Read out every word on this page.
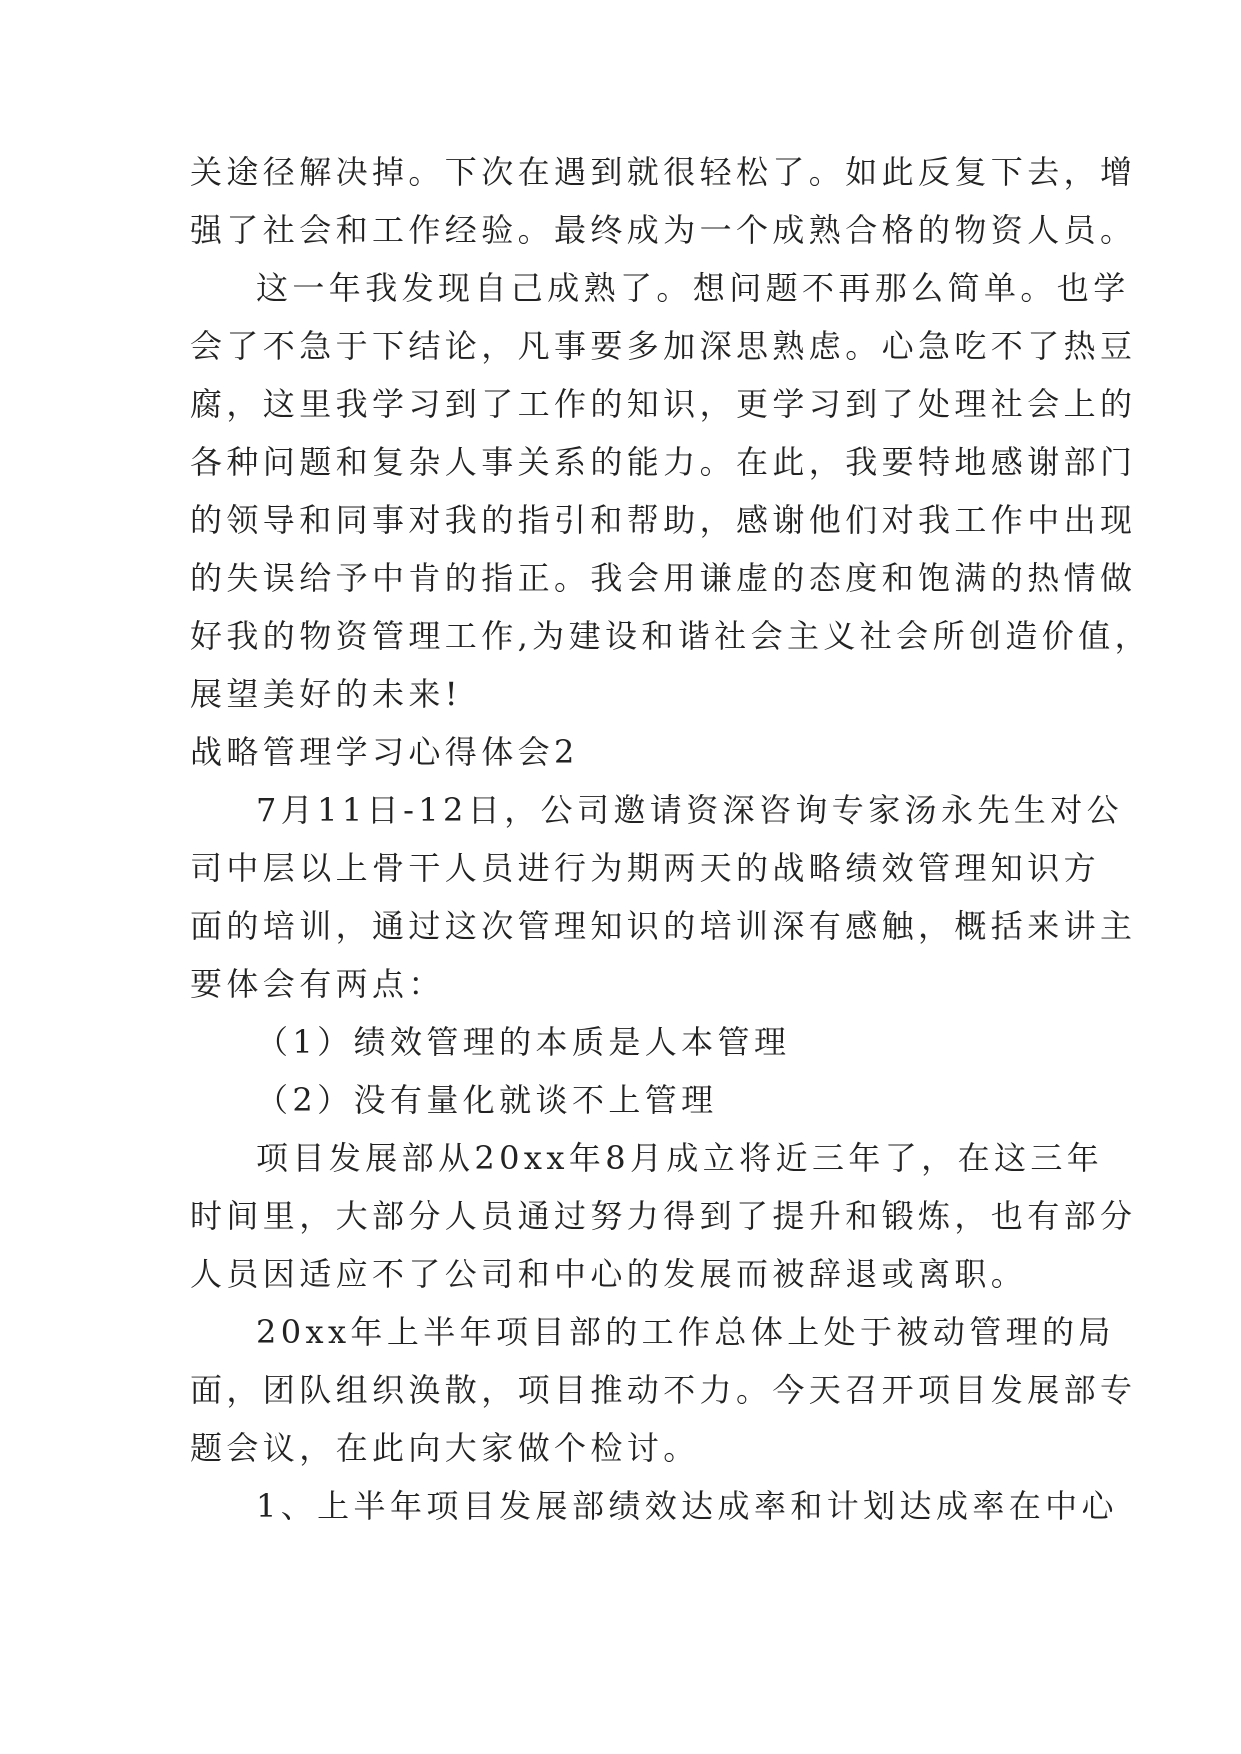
关途径解决掉。下次在遇到就很轻松了。如此反复下去，增
强了社会和工作经验。最终成为一个成熟合格的物资人员。
这一年我发现自己成熟了。想问题不再那么简单。也学
会了不急于下结论，凡事要多加深思熟虑。心急吃不了热豆
腐，这里我学习到了工作的知识，更学习到了处理社会上的
各种问题和复杂人事关系的能力。在此，我要特地感谢部门
的领导和同事对我的指引和帮助，感谢他们对我工作中出现
的失误给予中肯的指正。我会用谦虚的态度和饱满的热情做
好我的物资管理工作,为建设和谐社会主义社会所创造价值，
展望美好的未来!
战略管理学习心得体会2
7月11日-12日，公司邀请资深咨询专家汤永先生对公
司中层以上骨干人员进行为期两天的战略绩效管理知识方
面的培训，通过这次管理知识的培训深有感触，概括来讲主
要体会有两点：
（1）绩效管理的本质是人本管理
（2）没有量化就谈不上管理
项目发展部从20xx年8月成立将近三年了，在这三年
时间里，大部分人员通过努力得到了提升和锻炼，也有部分
人员因适应不了公司和中心的发展而被辞退或离职。
20xx年上半年项目部的工作总体上处于被动管理的局
面，团队组织涣散，项目推动不力。今天召开项目发展部专
题会议，在此向大家做个检讨。
1、上半年项目发展部绩效达成率和计划达成率在中心
